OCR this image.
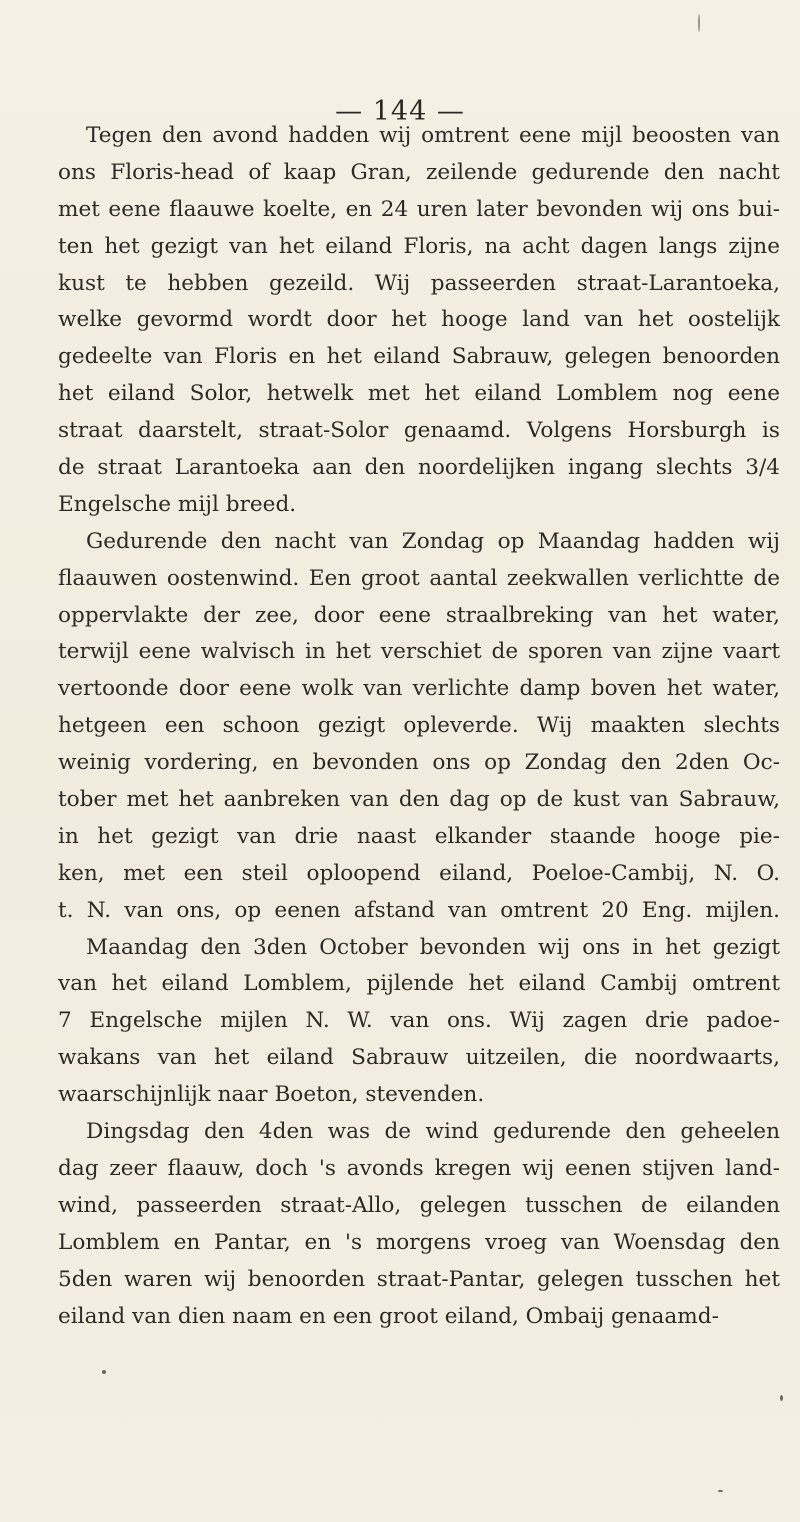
— 144 —
Tegen den avond hadden wij omtrent eene mijl beoosten van
ons Floris-head of kaap Gran, zeilende gedurende den nacht
met eene flaauwe koelte, en 24 uren later bevonden wij ons bui-
ten het gezigt van het eiland Floris, na acht dagen langs zijne
kust te hebben gezeild. Wij passeerden straat-Larantoeka,
welke gevormd wordt door het hooge land van het oostelijk
gedeelte van Floris en het eiland Sabrauw, gelegen benoorden
het eiland Solor, hetwelk met het eiland Lomblem nog eene
straat daarstelt, straat-Solor genaamd. Volgens Horsburgh is
de straat Larantoeka aan den noordelijken ingang slechts 3/4
Engelsche mijl breed.
Gedurende den nacht van Zondag op Maandag hadden wij
flaauwen oostenwind. Een groot aantal zeekwallen verlichtte de
oppervlakte der zee, door eene straalbreking van het water,
terwijl eene walvisch in het verschiet de sporen van zijne vaart
vertoonde door eene wolk van verlichte damp boven het water,
hetgeen een schoon gezigt opleverde. Wij maakten slechts
weinig vordering, en bevonden ons op Zondag den 2den Oc-
tober met het aanbreken van den dag op de kust van Sabrauw,
in het gezigt van drie naast elkander staande hooge pie-
ken, met een steil oploopend eiland, Poeloe-Cambij, N. O.
t. N. van ons, op eenen afstand van omtrent 20 Eng. mijlen.
Maandag den 3den October bevonden wij ons in het gezigt
van het eiland Lomblem, pijlende het eiland Cambij omtrent
7 Engelsche mijlen N. W. van ons. Wij zagen drie padoe-
wakans van het eiland Sabrauw uitzeilen, die noordwaarts,
waarschijnlijk naar Boeton, stevenden.
Dingsdag den 4den was de wind gedurende den geheelen
dag zeer flaauw, doch 's avonds kregen wij eenen stijven land-
wind, passeerden straat-Allo, gelegen tusschen de eilanden
Lomblem en Pantar, en 's morgens vroeg van Woensdag den
5den waren wij benoorden straat-Pantar, gelegen tusschen het
eiland van dien naam en een groot eiland, Ombaij genaamd-
